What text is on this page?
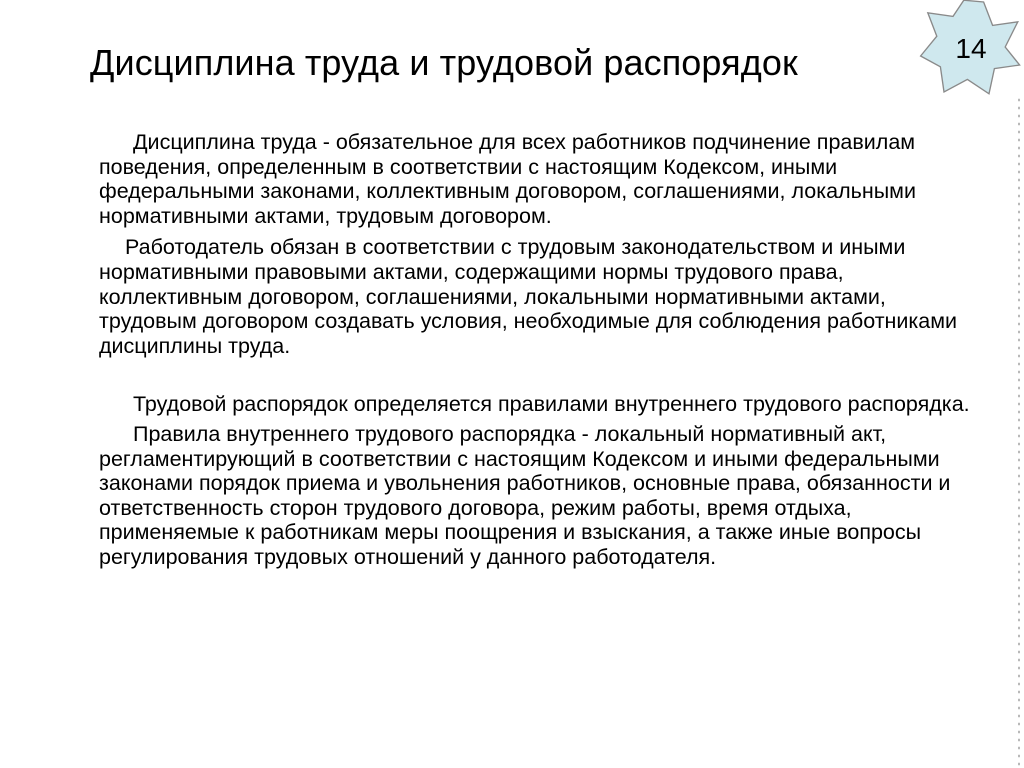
Дисциплина труда и трудовой распорядок	14

Дисциплина труда - обязательное для всех работников подчинение правилам поведения, определенным в соответствии с настоящим Кодексом, иными федеральными законами, коллективным договором, соглашениями, локальными нормативными актами, трудовым договором.

Работодатель обязан в соответствии с трудовым законодательством и иными нормативными правовыми актами, содержащими нормы трудового права, коллективным договором, соглашениями, локальными нормативными актами, трудовым договором создавать условия, необходимые для соблюдения работниками дисциплины труда.

Трудовой распорядок определяется правилами внутреннего трудового распорядка.

Правила внутреннего трудового распорядка - локальный нормативный акт, регламентирующий в соответствии с настоящим Кодексом и иными федеральными законами порядок приема и увольнения работников, основные права, обязанности и ответственность сторон трудового договора, режим работы, время отдыха, применяемые к работникам меры поощрения и взыскания, а также иные вопросы регулирования трудовых отношений у данного работодателя.
